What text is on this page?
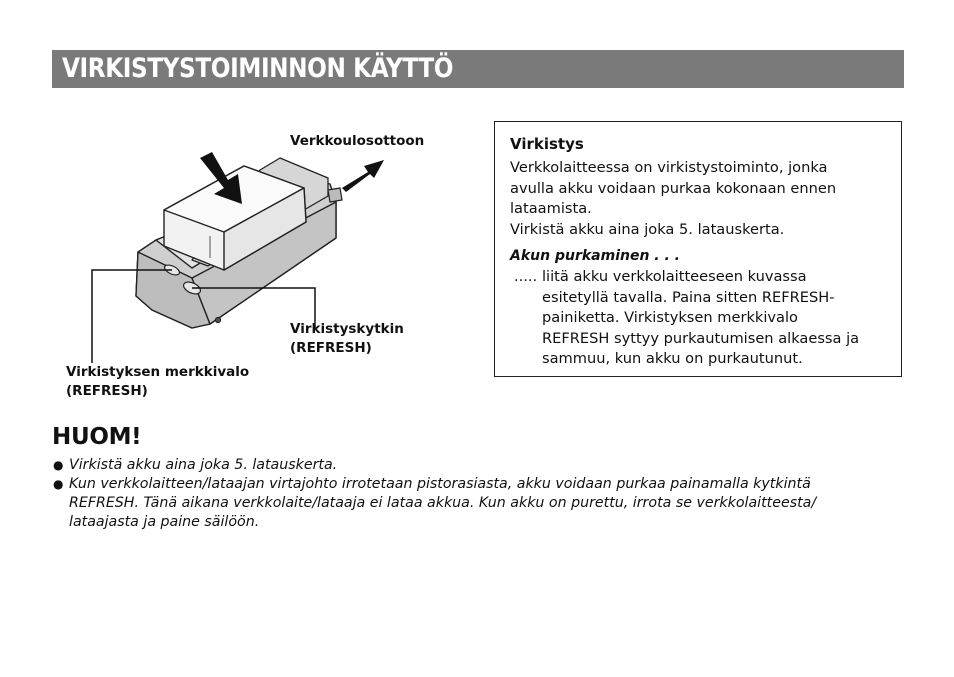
VIRKISTYSTOIMINNON KÄYTTÖ
Verkkoulosottoon
Virkistyskytkin
(REFRESH)
Virkistyksen merkkivalo
(REFRESH)

Virkistys

Verkkolaitteessa on virkistystoiminto, jonka
avulla akku voidaan purkaa kokonaan ennen
lataamista.
Virkistä akku aina joka 5. latauskerta.

Akun purkaminen . . .

..... liitä akku verkkolaitteeseen kuvassa
esitetyllä tavalla. Paina sitten REFRESH-
painiketta. Virkistyksen merkkivalo
REFRESH syttyy purkautumisen alkaessa ja
sammuu, kun akku on purkautunut.
HUOM!
● Virkistä akku aina joka 5. latauskerta.
● Kun verkkolaitteen/lataajan virtajohto irrotetaan pistorasiasta, akku voidaan purkaa painamalla kytkintä
REFRESH. Tänä aikana verkkolaite/lataaja ei lataa akkua. Kun akku on purettu, irrota se verkkolaitteesta/
lataajasta ja paine säilöön.
